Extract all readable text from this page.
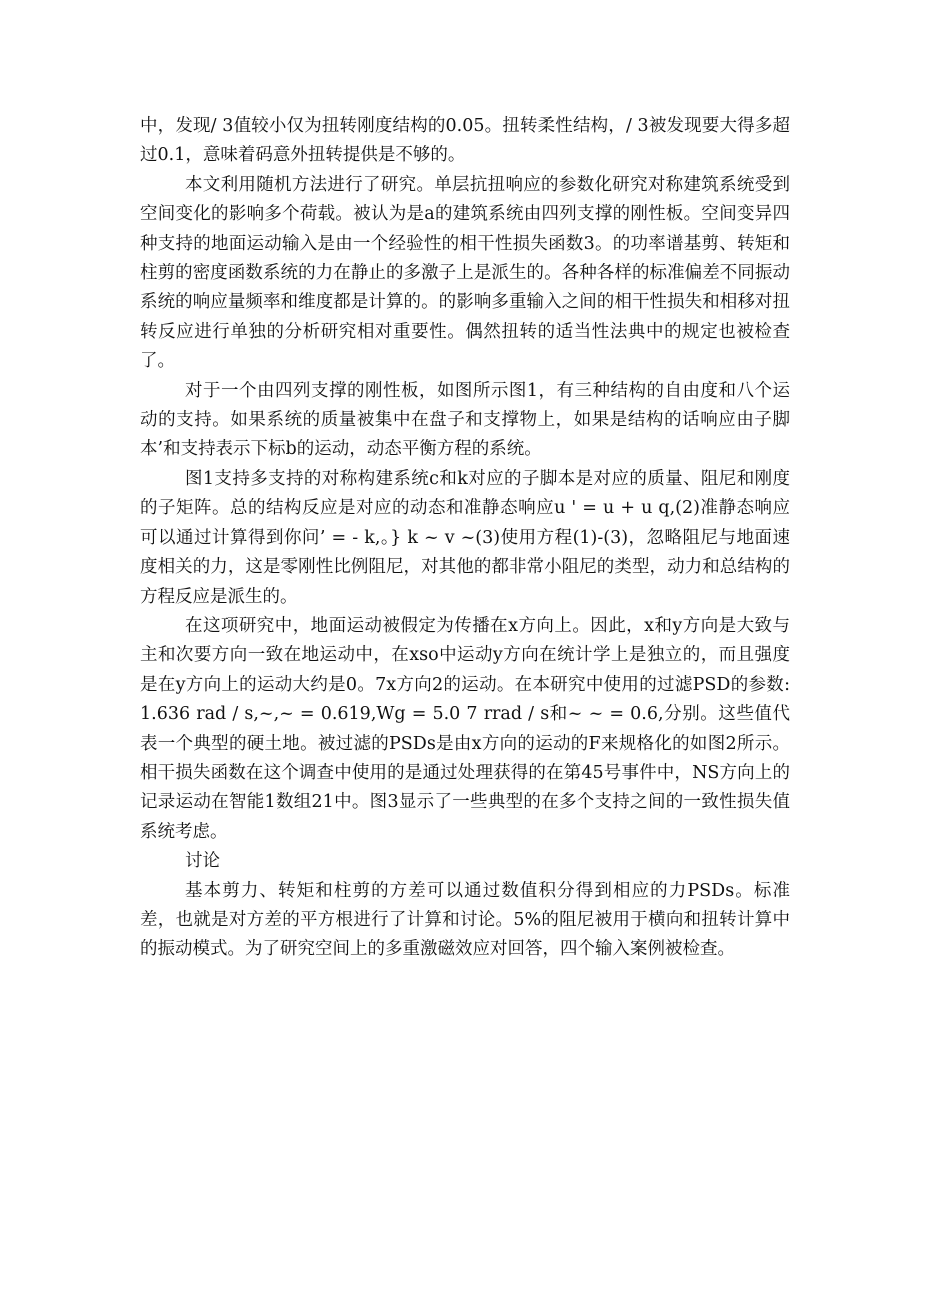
中，发现/ 3值较小仅为扭转刚度结构的0.05。扭转柔性结构，/ 3被发现要大得多超过0.1，意味着码意外扭转提供是不够的。

本文利用随机方法进行了研究。单层抗扭响应的参数化研究对称建筑系统受到空间变化的影响多个荷载。被认为是a的建筑系统由四列支撑的刚性板。空间变异四种支持的地面运动输入是由一个经验性的相干性损失函数3。的功率谱基剪、转矩和柱剪的密度函数系统的力在静止的多激子上是派生的。各种各样的标准偏差不同振动系统的响应量频率和维度都是计算的。的影响多重输入之间的相干性损失和相移对扭转反应进行单独的分析研究相对重要性。偶然扭转的适当性法典中的规定也被检查了。

对于一个由四列支撑的刚性板，如图所示图1，有三种结构的自由度和八个运动的支持。如果系统的质量被集中在盘子和支撑物上，如果是结构的话响应由子脚本’和支持表示下标b的运动，动态平衡方程的系统。

图1支持多支持的对称构建系统c和k对应的子脚本是对应的质量、阻尼和刚度的子矩阵。总的结构反应是对应的动态和准静态响应u ' = u + u q,(2)准静态响应可以通过计算得到你问’ = - k,。} k ~ v ~(3)使用方程(1)-(3)，忽略阻尼与地面速度相关的力，这是零刚性比例阻尼，对其他的都非常小阻尼的类型，动力和总结构的方程反应是派生的。

在这项研究中，地面运动被假定为传播在x方向上。因此，x和y方向是大致与主和次要方向一致在地运动中，在xso中运动y方向在统计学上是独立的，而且强度是在y方向上的运动大约是0。7x方向2的运动。在本研究中使用的过滤PSD的参数: 1.636 rad / s,~,~ = 0.619,Wg = 5.0 7 rrad / s和~ ~ = 0.6,分别。这些值代表一个典型的硬土地。被过滤的PSDs是由x方向的运动的F来规格化的如图2所示。相干损失函数在这个调查中使用的是通过处理获得的在第45号事件中，NS方向上的记录运动在智能1数组21中。图3显示了一些典型的在多个支持之间的一致性损失值系统考虑。

讨论

基本剪力、转矩和柱剪的方差可以通过数值积分得到相应的力PSDs。标准差，也就是对方差的平方根进行了计算和讨论。5%的阻尼被用于横向和扭转计算中的振动模式。为了研究空间上的多重激磁效应对回答，四个输入案例被检查。
